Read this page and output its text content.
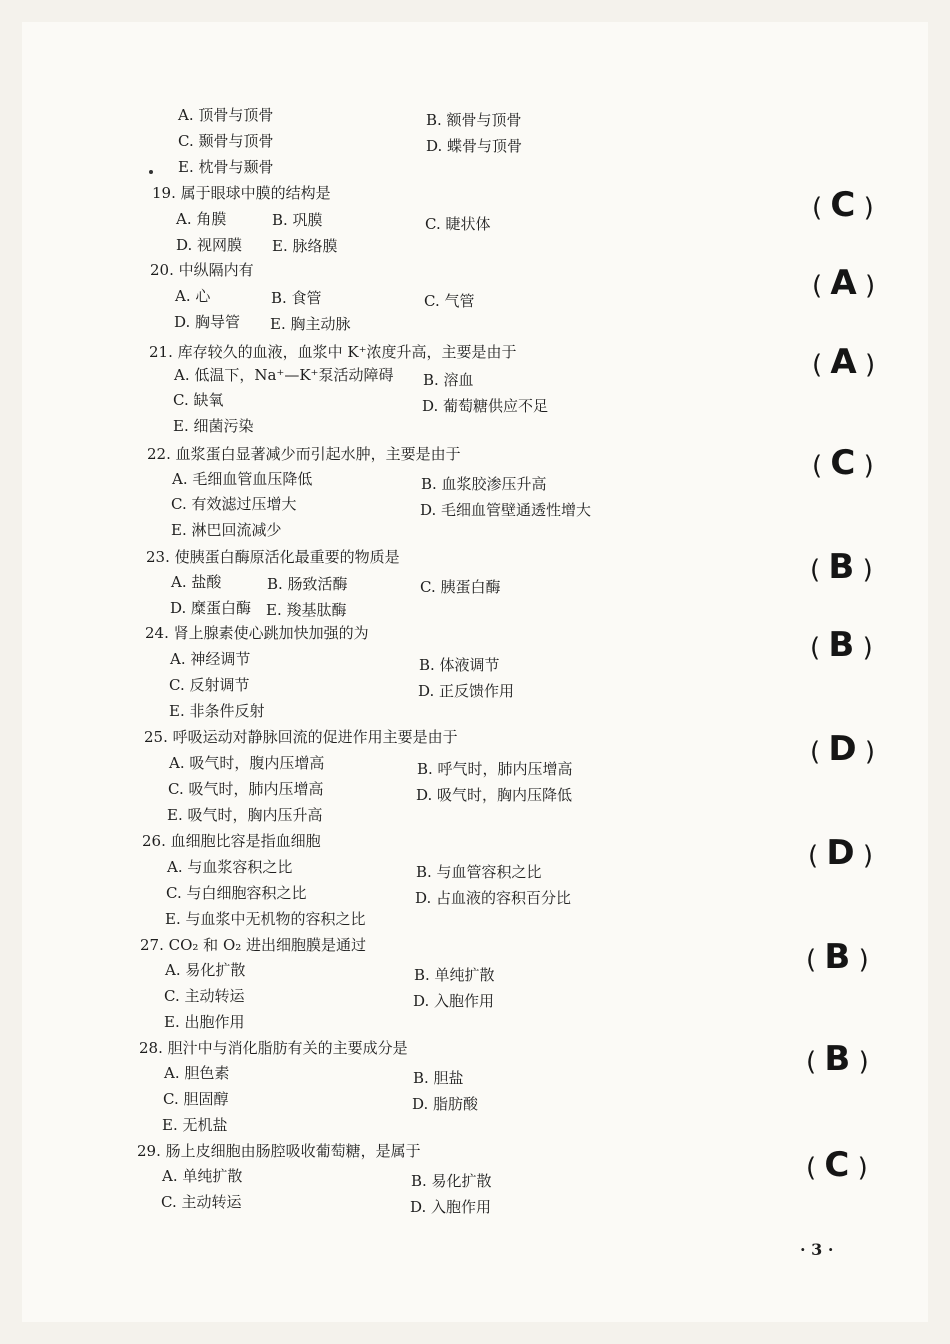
A. 顶骨与顶骨	B. 额骨与顶骨
C. 颞骨与顶骨	D. 蝶骨与顶骨
E. 枕骨与颞骨
19. 属于眼球中膜的结构是
A. 角膜	B. 巩膜	C. 睫状体
D. 视网膜 E. 脉络膜
( C )
20. 中纵隔内有
A. 心	B. 食管	C. 气管
D. 胸导管 E. 胸主动脉
( A )
21. 库存较久的血液，血浆中 K⁺浓度升高，主要是由于
A. 低温下，Na⁺—K⁺泵活动障碍 B. 溶血
C. 缺氧	D. 葡萄糖供应不足
E. 细菌污染
( A )
22. 血浆蛋白显著减少而引起水肿，主要是由于
A. 毛细血管血压降低	B. 血浆胶渗压升高
C. 有效滤过压增大	D. 毛细血管壁通透性增大
E. 淋巴回流减少
( C )
23. 使胰蛋白酶原活化最重要的物质是
A. 盐酸	B. 肠致活酶	C. 胰蛋白酶
D. 糜蛋白酶 E. 羧基肽酶
( B )
24. 肾上腺素使心跳加快加强的为
A. 神经调节	B. 体液调节
C. 反射调节	D. 正反馈作用
E. 非条件反射
( B )
25. 呼吸运动对静脉回流的促进作用主要是由于
A. 吸气时，腹内压增高	B. 呼气时，肺内压增高
C. 吸气时，肺内压增高	D. 吸气时，胸内压降低
E. 吸气时，胸内压升高
( D )
26. 血细胞比容是指血细胞
A. 与血浆容积之比	B. 与血管容积之比
C. 与白细胞容积之比	D. 占血液的容积百分比
E. 与血浆中无机物的容积之比
( D )
27. CO₂ 和 O₂ 进出细胞膜是通过
A. 易化扩散	B. 单纯扩散
C. 主动转运	D. 入胞作用
E. 出胞作用
( B )
28. 胆汁中与消化脂肪有关的主要成分是
A. 胆色素	B. 胆盐
C. 胆固醇	D. 脂肪酸
E. 无机盐
( B )
29. 肠上皮细胞由肠腔吸收葡萄糖，是属于
A. 单纯扩散	B. 易化扩散
C. 主动转运	D. 入胞作用
( C )
· 3 ·
